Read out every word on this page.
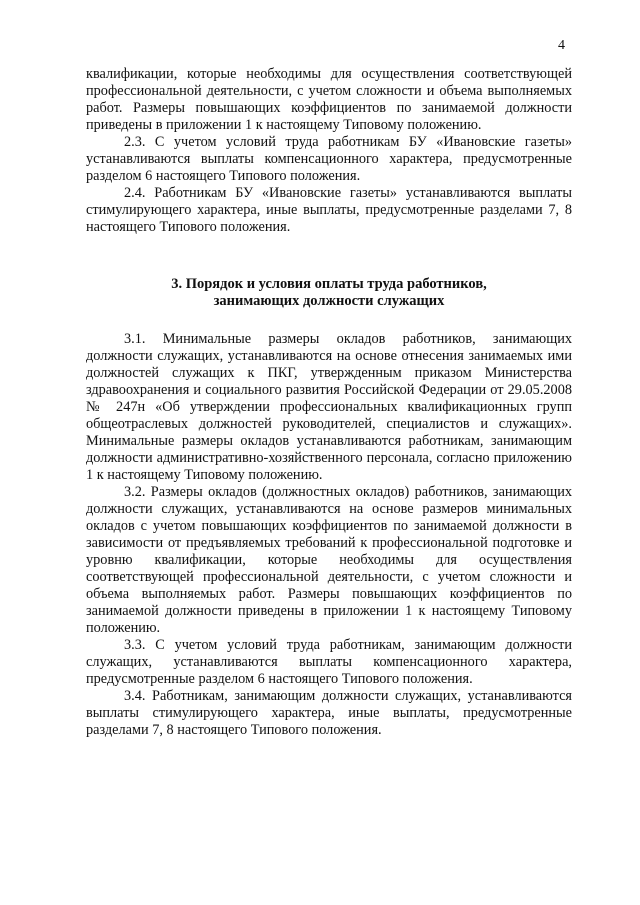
4

квалификации, которые необходимы для осуществления соответствующей профессиональной деятельности, с учетом сложности и объема выполняемых работ. Размеры повышающих коэффициентов по занимаемой должности приведены в приложении 1 к настоящему Типовому положению.

2.3. С учетом условий труда работникам БУ «Ивановские газеты» устанавливаются выплаты компенсационного характера, предусмотренные разделом 6 настоящего Типового положения.

2.4. Работникам БУ «Ивановские газеты» устанавливаются выплаты стимулирующего характера, иные выплаты, предусмотренные разделами 7, 8 настоящего Типового положения.

3. Порядок и условия оплаты труда работников,
занимающих должности служащих

3.1. Минимальные размеры окладов работников, занимающих должности служащих, устанавливаются на основе отнесения занимаемых ими должностей служащих к ПКГ, утвержденным приказом Министерства здравоохранения и социального развития Российской Федерации от 29.05.2008 № 247н «Об утверждении профессиональных квалификационных групп общеотраслевых должностей руководителей, специалистов и служащих». Минимальные размеры окладов устанавливаются работникам, занимающим должности административно-хозяйственного персонала, согласно приложению 1 к настоящему Типовому положению.

3.2. Размеры окладов (должностных окладов) работников, занимающих должности служащих, устанавливаются на основе размеров минимальных окладов с учетом повышающих коэффициентов по занимаемой должности в зависимости от предъявляемых требований к профессиональной подготовке и уровню квалификации, которые необходимы для осуществления соответствующей профессиональной деятельности, с учетом сложности и объема выполняемых работ. Размеры повышающих коэффициентов по занимаемой должности приведены в приложении 1 к настоящему Типовому положению.

3.3. С учетом условий труда работникам, занимающим должности служащих, устанавливаются выплаты компенсационного характера, предусмотренные разделом 6 настоящего Типового положения.

3.4. Работникам, занимающим должности служащих, устанавливаются выплаты стимулирующего характера, иные выплаты, предусмотренные разделами 7, 8 настоящего Типового положения.
